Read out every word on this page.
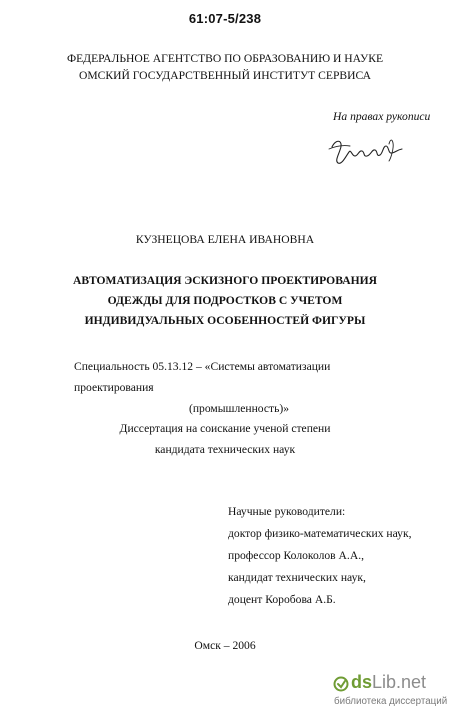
61:07-5/238
ФЕДЕРАЛЬНОЕ АГЕНТСТВО ПО ОБРАЗОВАНИЮ И НАУКЕ
ОМСКИЙ ГОСУДАРСТВЕННЫЙ ИНСТИТУТ СЕРВИСА
На правах рукописи
КУЗНЕЦОВА ЕЛЕНА ИВАНОВНА
АВТОМАТИЗАЦИЯ ЭСКИЗНОГО ПРОЕКТИРОВАНИЯ
ОДЕЖДЫ ДЛЯ ПОДРОСТКОВ С УЧЕТОМ
ИНДИВИДУАЛЬНЫХ ОСОБЕННОСТЕЙ ФИГУРЫ
Специальность 05.13.12 – «Системы автоматизации проектирования
(промышленность)»
Диссертация на соискание ученой степени
кандидата технических наук
Научные руководители:
доктор физико-математических наук,
профессор Колоколов А.А.,
кандидат технических наук,
доцент Коробова А.Б.
Омск – 2006
dsLib.net
библиотека диссертаций
